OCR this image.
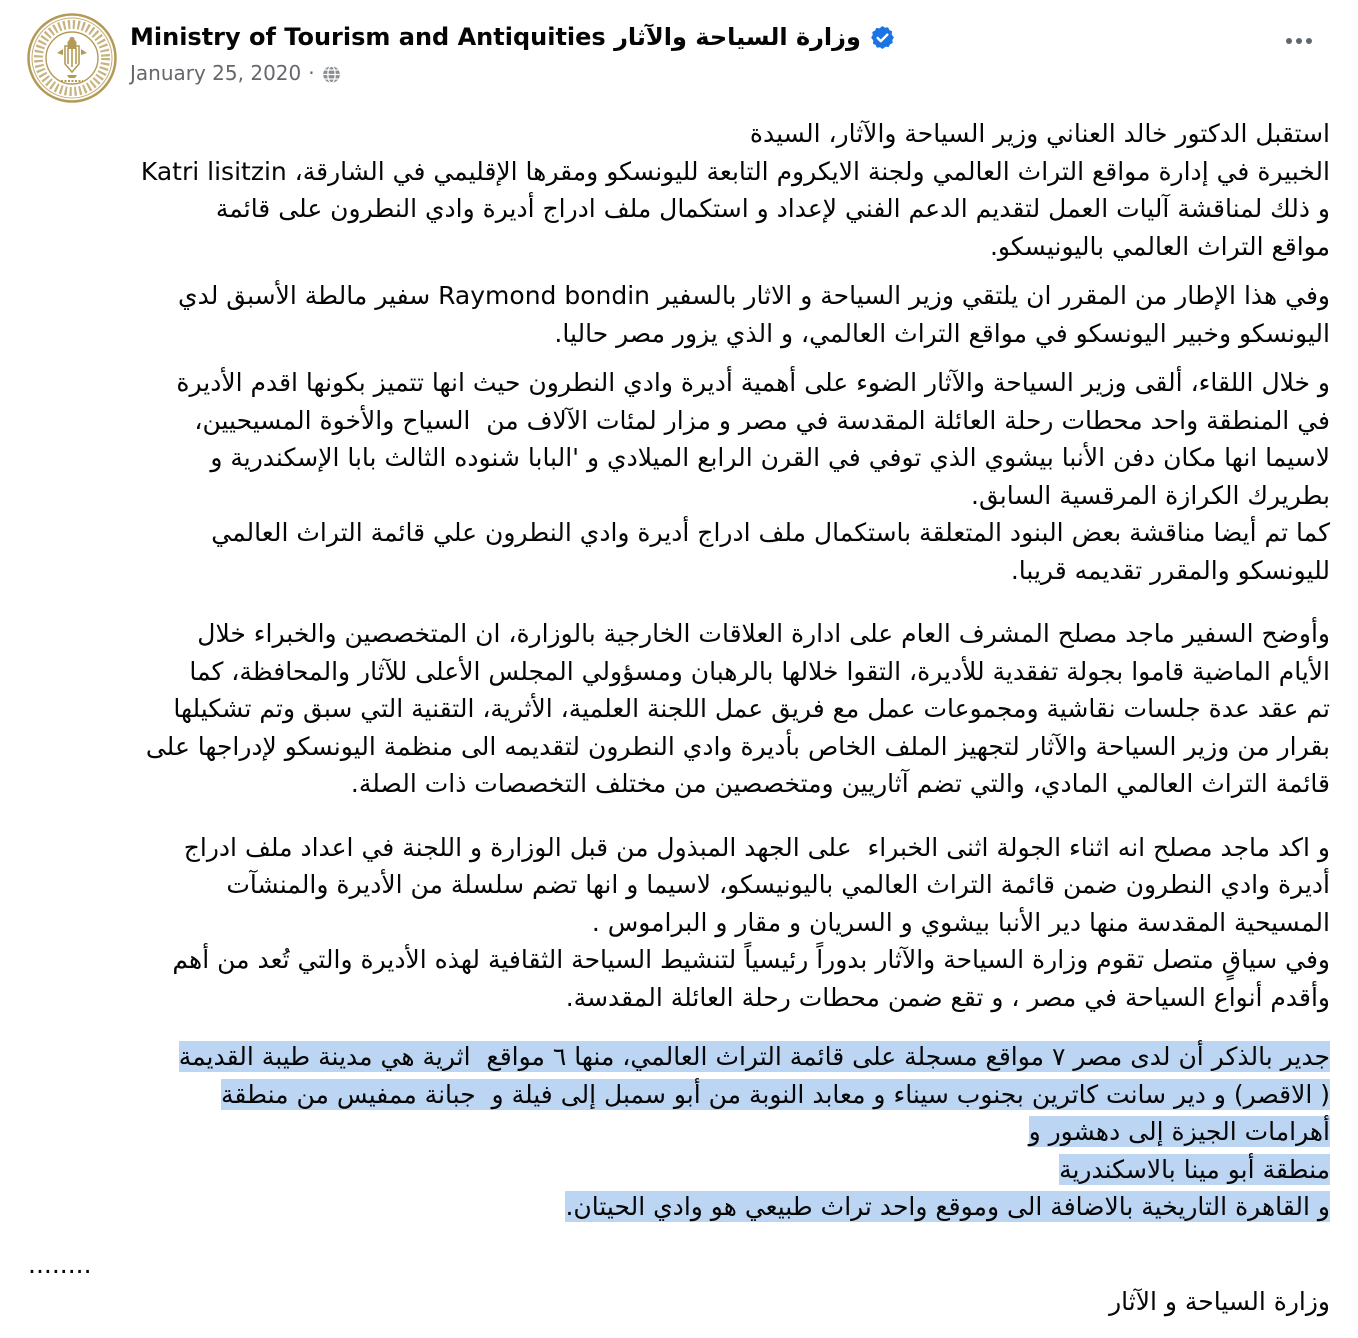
Ministry of Tourism and Antiquities وزارة السياحة والآثار
January 25, 2020 ·
استقبل الدكتور خالد العناني وزير السياحة والآثار، السيدة
الخبيرة في إدارة مواقع التراث العالمي ولجنة الايكروم التابعة لليونسكو ومقرها الإقليمي في الشارقة، Katri lisitzin
و ذلك لمناقشة آليات العمل لتقديم الدعم الفني لإعداد و استكمال ملف ادراج أديرة وادي النطرون على قائمة
مواقع التراث العالمي باليونيسكو.
وفي هذا الإطار من المقرر ان يلتقي وزير السياحة و الاثار بالسفير Raymond bondin سفير مالطة الأسبق لدي
اليونسكو وخبير اليونسكو في مواقع التراث العالمي، و الذي يزور مصر حاليا.
و خلال اللقاء، ألقى وزير السياحة والآثار الضوء على أهمية أديرة وادي النطرون حيث انها تتميز بكونها اقدم الأديرة
في المنطقة واحد محطات رحلة العائلة المقدسة في مصر و مزار لمئات الآلاف من  السياح والأخوة المسيحيين،
لاسيما انها مكان دفن الأنبا بيشوي الذي توفي في القرن الرابع الميلادي و 'البابا شنوده الثالث بابا الإسكندرية و
بطريرك الكرازة المرقسية السابق.
كما تم أيضا مناقشة بعض البنود المتعلقة باستكمال ملف ادراج أديرة وادي النطرون علي قائمة التراث العالمي
لليونسكو والمقرر تقديمه قريبا.
وأوضح السفير ماجد مصلح المشرف العام على ادارة العلاقات الخارجية بالوزارة، ان المتخصصين والخبراء خلال
الأيام الماضية قاموا بجولة تفقدية للأديرة، التقوا خلالها بالرهبان ومسؤولي المجلس الأعلى للآثار والمحافظة، كما
تم عقد عدة جلسات نقاشية ومجموعات عمل مع فريق عمل اللجنة العلمية، الأثرية، التقنية التي سبق وتم تشكيلها
بقرار من وزير السياحة والآثار لتجهيز الملف الخاص بأديرة وادي النطرون لتقديمه الى منظمة اليونسكو لإدراجها على
قائمة التراث العالمي المادي، والتي تضم آثاريين ومتخصصين من مختلف التخصصات ذات الصلة.
و اكد ماجد مصلح انه اثناء الجولة اثنى الخبراء  على الجهد المبذول من قبل الوزارة و اللجنة في اعداد ملف ادراج
أديرة وادي النطرون ضمن قائمة التراث العالمي باليونيسكو، لاسيما و انها تضم سلسلة من الأديرة والمنشآت
المسيحية المقدسة منها دير الأنبا بيشوي و السريان و مقار و البراموس .
وفي سياقٍ متصل تقوم وزارة السياحة والآثار بدوراً رئيسياً لتنشيط السياحة الثقافية لهذه الأديرة والتي تُعد من أهم
وأقدم أنواع السياحة في مصر ، و تقع ضمن محطات رحلة العائلة المقدسة.
جدير بالذكر أن لدى مصر ٧ مواقع مسجلة على قائمة التراث العالمي، منها ٦ مواقع  اثرية هي مدينة طيبة القديمة
( الاقصر) و دير سانت كاترين بجنوب سيناء و معابد النوبة من أبو سمبل إلى فيلة و  جبانة ممفيس من منطقة
أهرامات الجيزة إلى دهشور و
منطقة أبو مينا بالاسكندرية
و القاهرة التاريخية بالاضافة الى وموقع واحد تراث طبيعي هو وادي الحيتان.
........
وزارة السياحة و الآثار
